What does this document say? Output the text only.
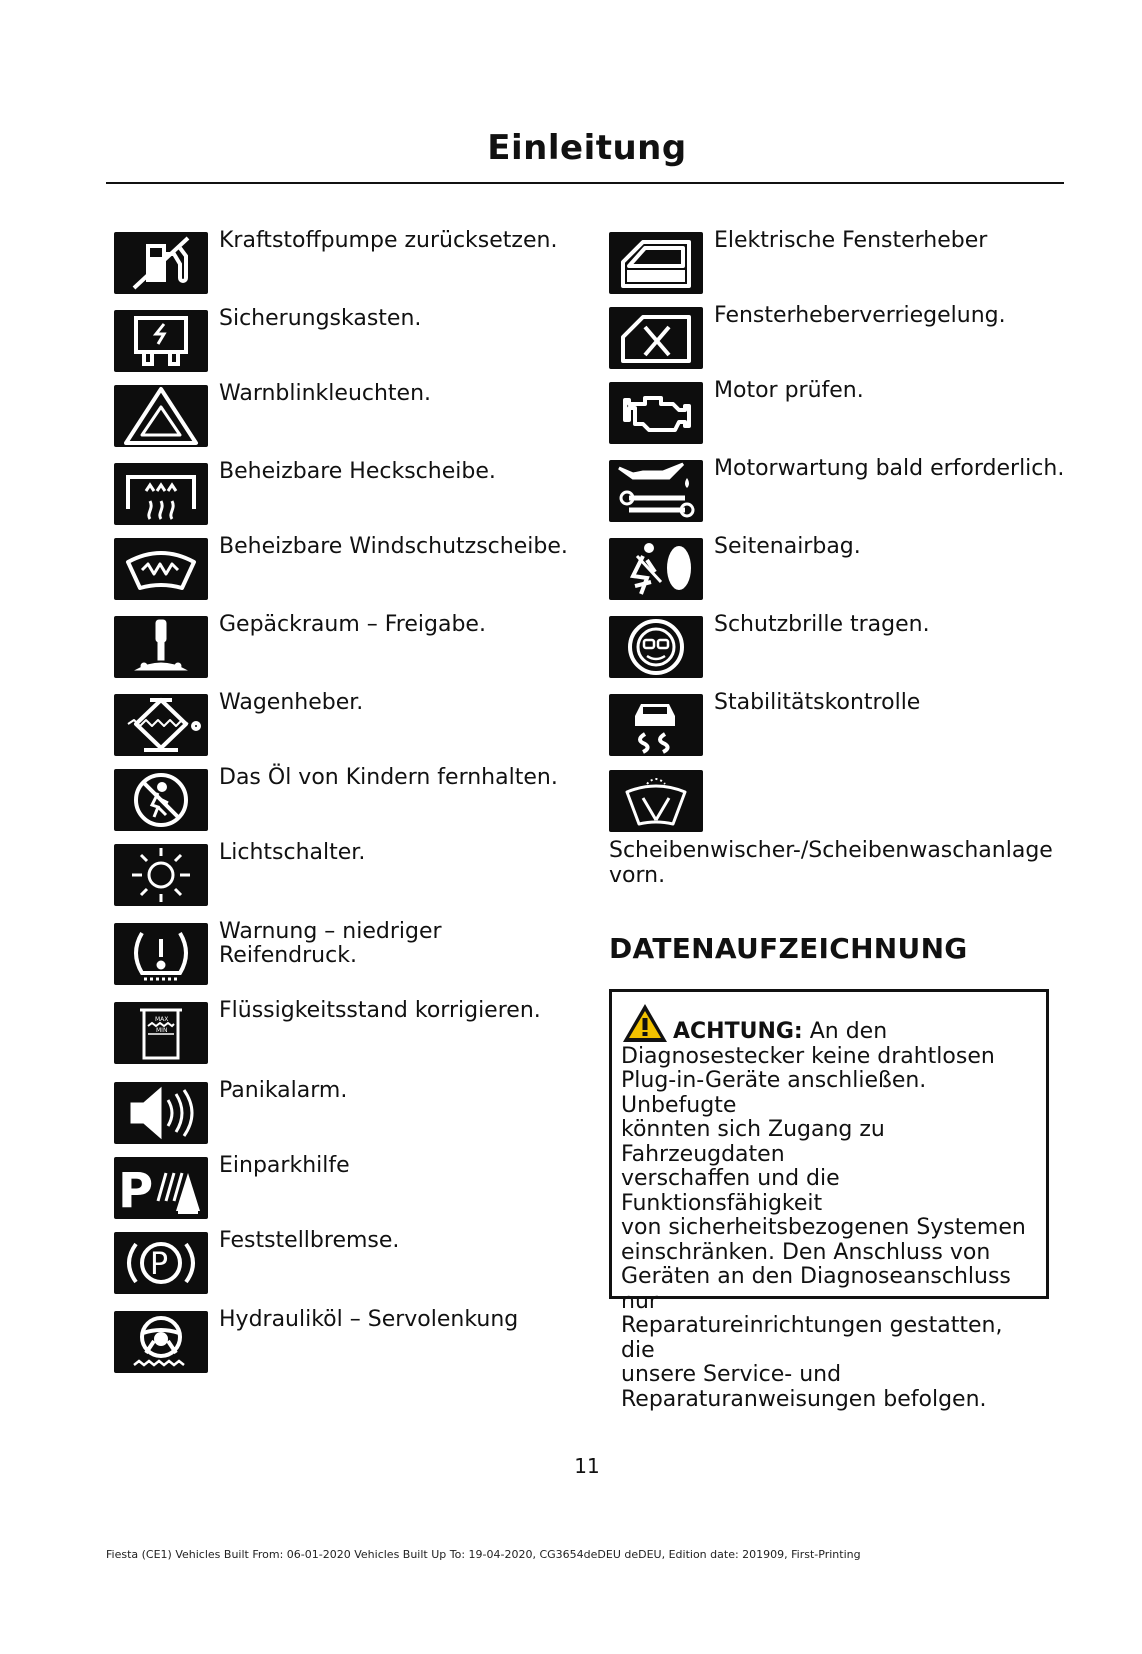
Einleitung
Kraftstoffpumpe zurücksetzen.
Sicherungskasten.
Warnblinkleuchten.
Beheizbare Heckscheibe.
Beheizbare Windschutzscheibe.
Gepäckraum – Freigabe.
Wagenheber.
Das Öl von Kindern fernhalten.
Lichtschalter.
Warnung – niedriger
Reifendruck.
MAX
MIN
Flüssigkeitsstand korrigieren.
Panikalarm.
P	Einparkhilfe
P
Feststellbremse.
Hydrauliköl – Servolenkung
Elektrische Fensterheber
Fensterheberverriegelung.
Motor prüfen.
Motorwartung bald erforderlich.
Seitenairbag.
Schutzbrille tragen.
Stabilitätskontrolle
Scheibenwischer-/Scheibenwaschanlage
vorn.
DATENAUFZEICHNUNG
ACHTUNG: An den
Diagnosestecker keine drahtlosen
Plug-in-Geräte anschließen. Unbefugte
könnten sich Zugang zu Fahrzeugdaten
verschaffen und die Funktionsfähigkeit
von sicherheitsbezogenen Systemen
einschränken. Den Anschluss von
Geräten an den Diagnoseanschluss nur
Reparatureinrichtungen gestatten, die
unsere Service- und
Reparaturanweisungen befolgen.
11
Fiesta (CE1) Vehicles Built From: 06-01-2020 Vehicles Built Up To: 19-04-2020, CG3654deDEU deDEU, Edition date: 201909, First-Printing
